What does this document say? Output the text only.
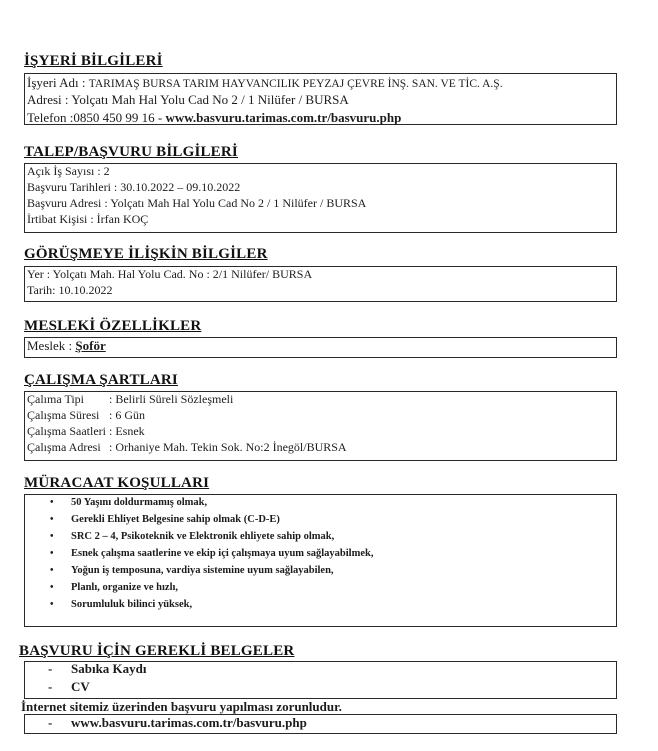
İŞYERİ BİLGİLERİ
İşyeri Adı : TARIMAŞ BURSA TARIM HAYVANCILIK PEYZAJ ÇEVRE İNŞ. SAN. VE TİC. A.Ş.
Adresi : Yolçatı Mah Hal Yolu Cad No 2 / 1 Nilüfer / BURSA
Telefon :0850 450 99 16 - www.basvuru.tarimas.com.tr/basvuru.php
TALEP/BAŞVURU BİLGİLERİ
Açık İş Sayısı : 2
Başvuru Tarihleri : 30.10.2022 – 09.10.2022
Başvuru Adresi : Yolçatı Mah Hal Yolu Cad No 2 / 1 Nilüfer / BURSA
İrtibat Kişisi : İrfan KOÇ
GÖRÜŞMEYE İLİŞKİN BİLGİLER
Yer : Yolçatı Mah. Hal Yolu Cad. No : 2/1 Nilüfer/ BURSA
Tarih: 10.10.2022
MESLEKİ ÖZELLİKLER
Meslek : Şoför
ÇALIŞMA ŞARTLARI
Çalıma Tipi : Belirli Süreli Sözleşmeli
Çalışma Süresi : 6 Gün
Çalışma Saatleri : Esnek
Çalışma Adresi : Orhaniye Mah. Tekin Sok. No:2 İnegöl/BURSA
MÜRACAAT KOŞULLARI
• 50 Yaşını doldurmamış olmak,
• Gerekli Ehliyet Belgesine sahip olmak (C-D-E)
• SRC 2 – 4, Psikoteknik ve Elektronik ehliyete sahip olmak,
• Esnek çalışma saatlerine ve ekip içi çalışmaya uyum sağlayabilmek,
• Yoğun iş temposuna, vardiya sistemine uyum sağlayabilen,
• Planlı, organize ve hızlı,
• Sorumluluk bilinci yüksek,
BAŞVURU İÇİN GEREKLİ BELGELER
- Sabıka Kaydı
- CV
İnternet sitemiz üzerinden başvuru yapılması zorunludur.
- www.basvuru.tarimas.com.tr/basvuru.php
